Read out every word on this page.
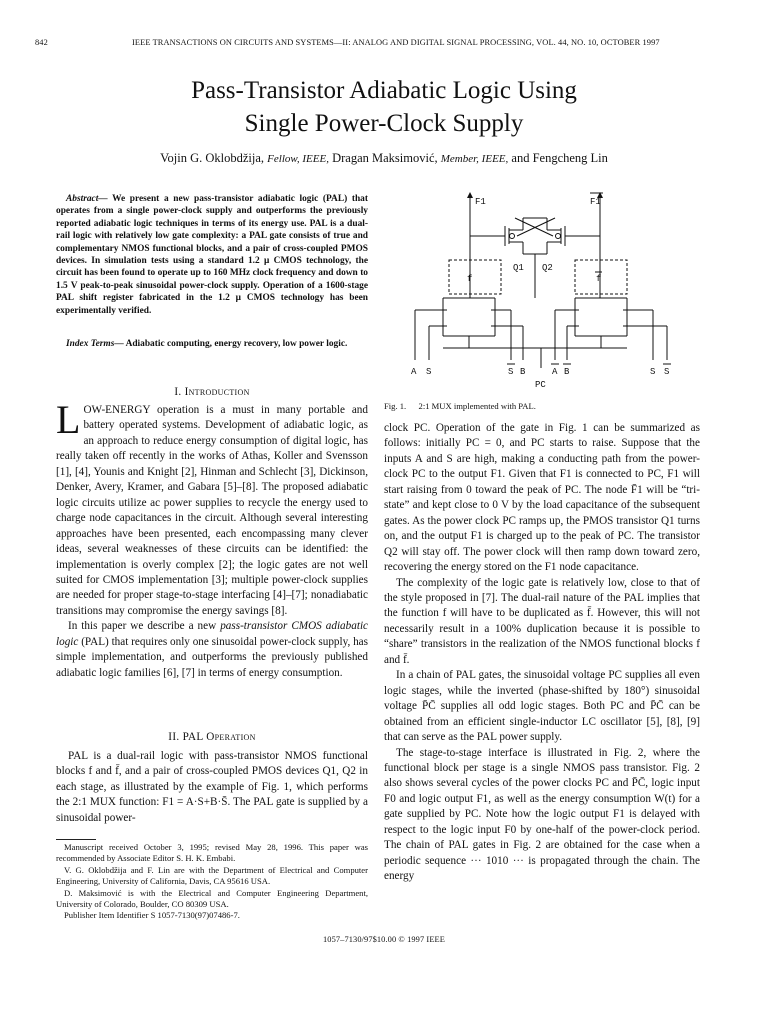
842	IEEE TRANSACTIONS ON CIRCUITS AND SYSTEMS—II: ANALOG AND DIGITAL SIGNAL PROCESSING, VOL. 44, NO. 10, OCTOBER 1997
Pass-Transistor Adiabatic Logic Using
Single Power-Clock Supply
Vojin G. Oklobdžija, Fellow, IEEE, Dragan Maksimović, Member, IEEE, and Fengcheng Lin
Abstract— We present a new pass-transistor adiabatic logic (PAL) that operates from a single power-clock supply and outperforms the previously reported adiabatic logic techniques in terms of its energy use. PAL is a dual-rail logic with relatively low gate complexity: a PAL gate consists of true and complementary NMOS functional blocks, and a pair of cross-coupled PMOS devices. In simulation tests using a standard 1.2 μ CMOS technology, the circuit has been found to operate up to 160 MHz clock frequency and down to 1.5 V peak-to-peak sinusoidal power-clock supply. Operation of a 1600-stage PAL shift register fabricated in the 1.2 μ CMOS technology has been experimentally verified.
Index Terms— Adiabatic computing, energy recovery, low power logic.
I. Introduction

LOW-ENERGY operation is a must in many portable and battery operated systems. Development of adiabatic logic, as an approach to reduce energy consumption of digital logic, has really taken off recently in the works of Athas, Koller and Svensson [1], [4], Younis and Knight [2], Hinman and Schlecht [3], Dickinson, Denker, Avery, Kramer, and Gabara [5]–[8]. The proposed adiabatic logic circuits utilize ac power supplies to recycle the energy used to charge node capacitances in the circuit. Although several interesting approaches have been presented, each encompassing many clever ideas, several weaknesses of these circuits can be identified: the implementation is overly complex [2]; the logic gates are not well suited for CMOS implementation [3]; multiple power-clock supplies are needed for proper stage-to-stage interfacing [4]–[7]; nonadiabatic transitions may compromise the energy savings [8].

In this paper we describe a new pass-transistor CMOS adiabatic logic (PAL) that requires only one sinusoidal power-clock supply, has simple implementation, and outperforms the previously published adiabatic logic families [6], [7] in terms of energy consumption.

II. PAL Operation

PAL is a dual-rail logic with pass-transistor NMOS functional blocks f and f̄, and a pair of cross-coupled PMOS devices Q1, Q2 in each stage, as illustrated by the example of Fig. 1, which performs the 2:1 MUX function: F1 = A·S+B·S̄. The PAL gate is supplied by a sinusoidal power-

Manuscript received October 3, 1995; revised May 28, 1996. This paper was recommended by Associate Editor S. H. K. Embabi.

V. G. Oklobdžija and F. Lin are with the Department of Electrical and Computer Engineering, University of California, Davis, CA 95616 USA.

D. Maksimović is with the Electrical and Computer Engineering Department, University of Colorado, Boulder, CO 80309 USA.

Publisher Item Identifier S 1057-7130(97)07486-7.

F1	F1
Q1 Q2
f	f
A S	S B	A B	S S
PC
Fig. 1. 2:1 MUX implemented with PAL.

clock PC. Operation of the gate in Fig. 1 can be summarized as follows: initially PC = 0, and PC starts to raise. Suppose that the inputs A and S are high, making a conducting path from the power-clock PC to the output F1. Given that F1 is connected to PC, F1 will start raising from 0 toward the peak of PC. The node F̄1 will be “tri-state” and kept close to 0 V by the load capacitance of the subsequent gates. As the power clock PC ramps up, the PMOS transistor Q1 turns on, and the output F1 is charged up to the peak of PC. The transistor Q2 will stay off. The power clock will then ramp down toward zero, recovering the energy stored on the F1 node capacitance.

The complexity of the logic gate is relatively low, close to that of the style proposed in [7]. The dual-rail nature of the PAL implies that the function f will have to be duplicated as f̄. However, this will not necessarily result in a 100% duplication because it is possible to “share” transistors in the realization of the NMOS functional blocks f and f̄.

In a chain of PAL gates, the sinusoidal voltage PC supplies all even logic stages, while the inverted (phase-shifted by 180°) sinusoidal voltage P̄C̄ supplies all odd logic stages. Both PC and P̄C̄ can be obtained from an efficient single-inductor LC oscillator [5], [8], [9] that can serve as the PAL power supply.

The stage-to-stage interface is illustrated in Fig. 2, where the functional block per stage is a single NMOS pass transistor. Fig. 2 also shows several cycles of the power clocks PC and P̄C̄, logic input F0 and logic output F1, as well as the energy consumption W(t) for a gate supplied by PC. Note how the logic output F1 is delayed with respect to the logic input F0 by one-half of the power-clock period. The chain of PAL gates in Fig. 2 are obtained for the case when a periodic sequence ··· 1010 ··· is propagated through the chain. The energy

1057–7130/97$10.00 © 1997 IEEE
